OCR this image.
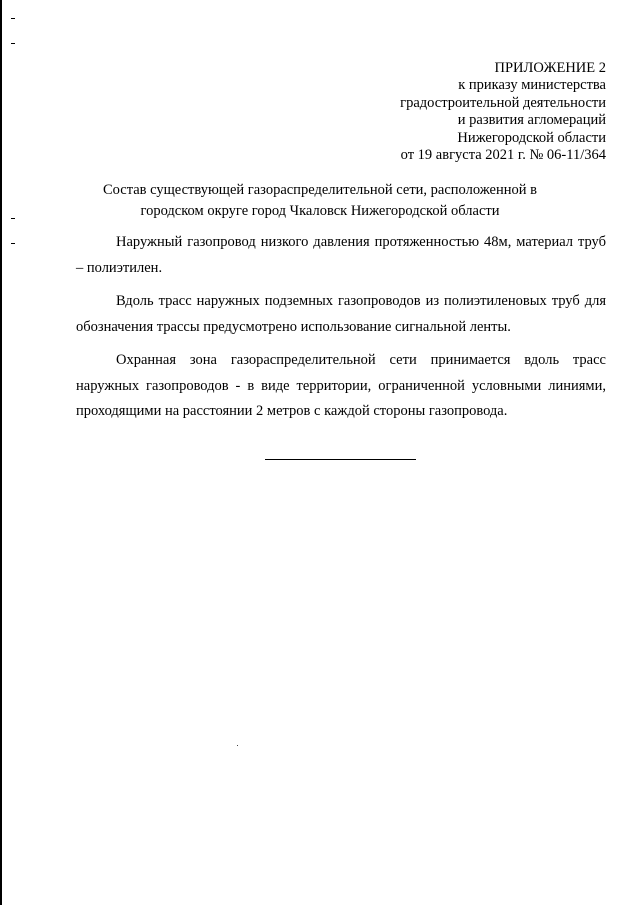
ПРИЛОЖЕНИЕ 2
к приказу министерства
градостроительной деятельности
и развития агломераций
Нижегородской области
от 19 августа 2021 г. № 06-11/364
Состав существующей газораспределительной сети, расположенной в
городском округе город Чкаловск Нижегородской области

Наружный газопровод низкого давления протяженностью 48м, материал труб – полиэтилен.

Вдоль трасс наружных подземных газопроводов из полиэтиленовых труб для обозначения трассы предусмотрено использование сигнальной ленты.

Охранная зона газораспределительной сети принимается вдоль трасс наружных газопроводов - в виде территории, ограниченной условными линиями, проходящими на расстоянии 2 метров с каждой стороны газопровода.
